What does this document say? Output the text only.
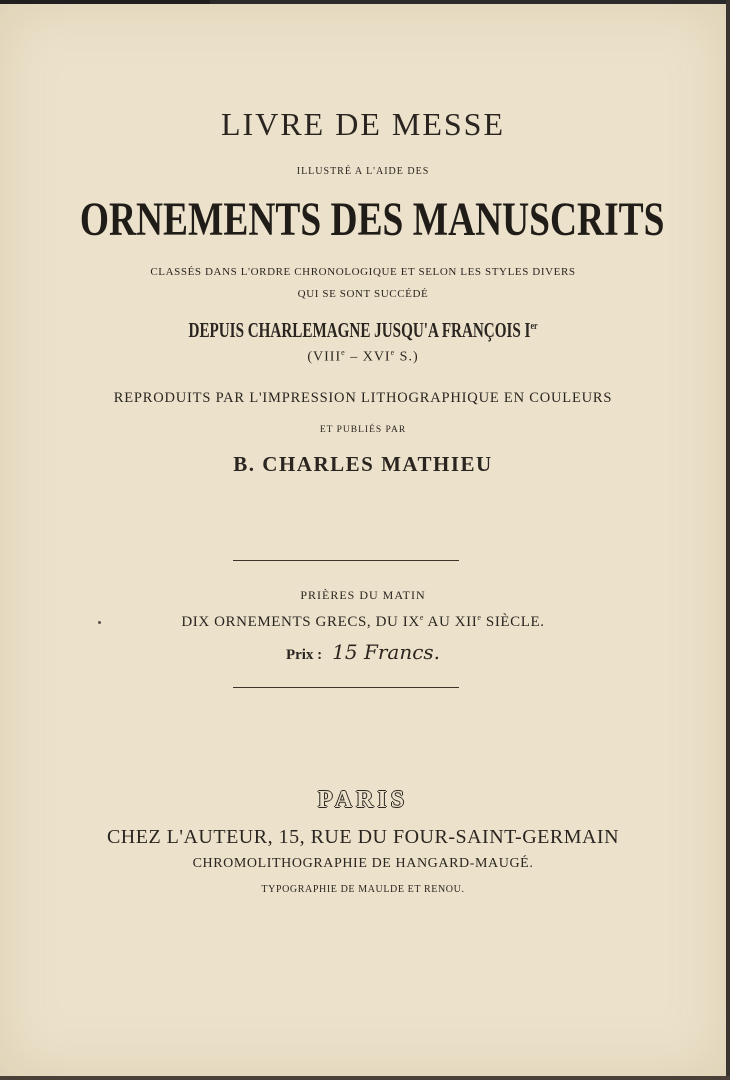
LIVRE DE MESSE
ILLUSTRÉ A L'AIDE DES
ORNEMENTS DES MANUSCRITS
CLASSÉS DANS L'ORDRE CHRONOLOGIQUE ET SELON LES STYLES DIVERS
QUI SE SONT SUCCÉDÉ
DEPUIS CHARLEMAGNE JUSQU'A FRANÇOIS Ier
(VIIIe – XVIe S.)
REPRODUITS PAR L'IMPRESSION LITHOGRAPHIQUE EN COULEURS
ET PUBLIÉS PAR
B. CHARLES MATHIEU
PRIÈRES DU MATIN
DIX ORNEMENTS GRECS, DU IXe AU XIIe SIÈCLE.
Prix : 15 Francs.
PARIS
CHEZ L'AUTEUR, 15, RUE DU FOUR-SAINT-GERMAIN
CHROMOLITHOGRAPHIE DE HANGARD-MAUGÉ.
TYPOGRAPHIE DE MAULDE ET RENOU.
